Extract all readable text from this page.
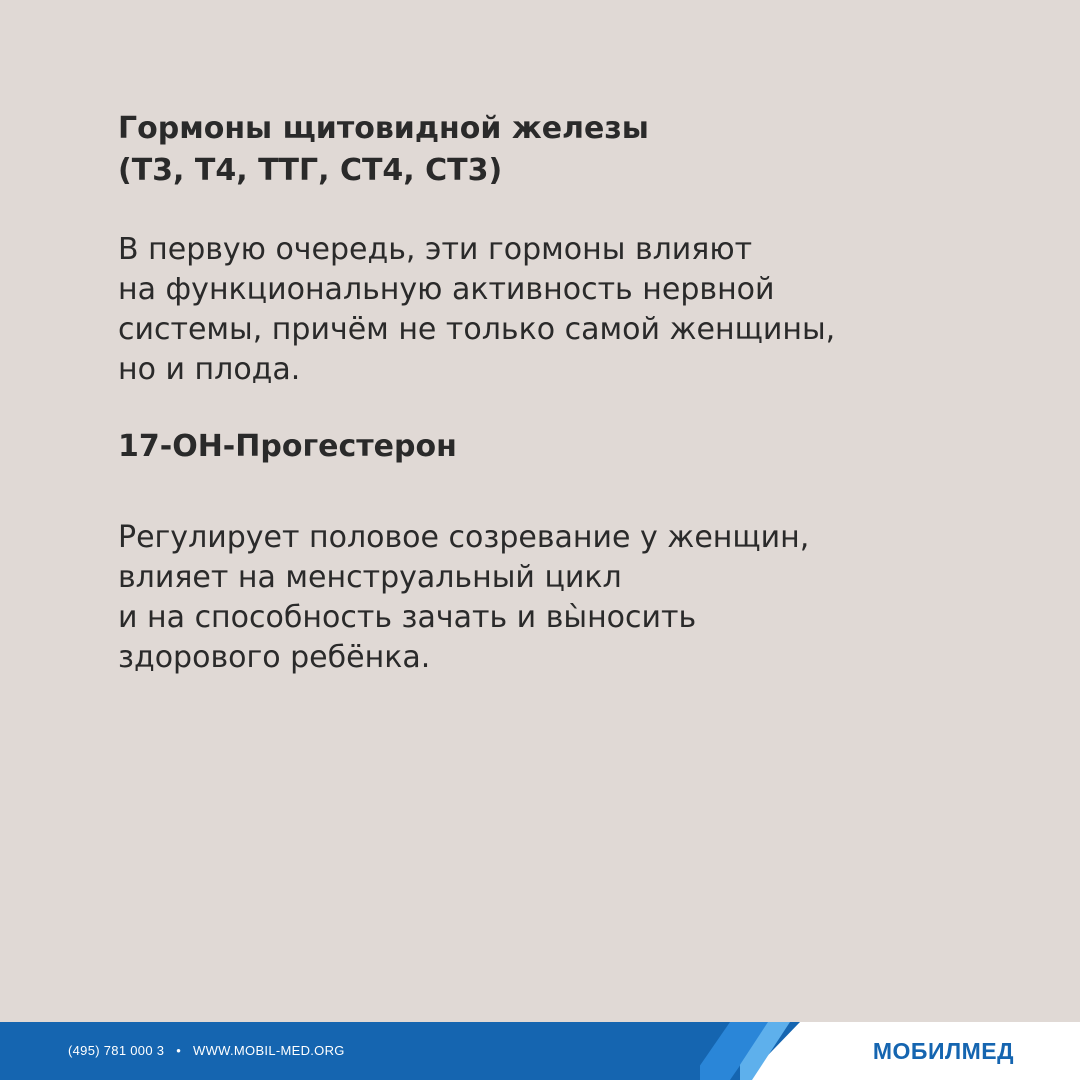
Гормоны щитовидной железы
(Т3, Т4, ТТГ, СТ4, СТ3)

В первую очередь, эти гормоны влияют
на функциональную активность нервной
системы, причём не только самой женщины,
но и плода.

17-ОН-Прогестерон

Регулирует половое созревание у женщин,
влияет на менструальный цикл
и на способность зачать и вы̀носить
здорового ребёнка.

(495) 781 000 3 • WWW.MOBIL-MED.ORG	МОБИЛМЕД
